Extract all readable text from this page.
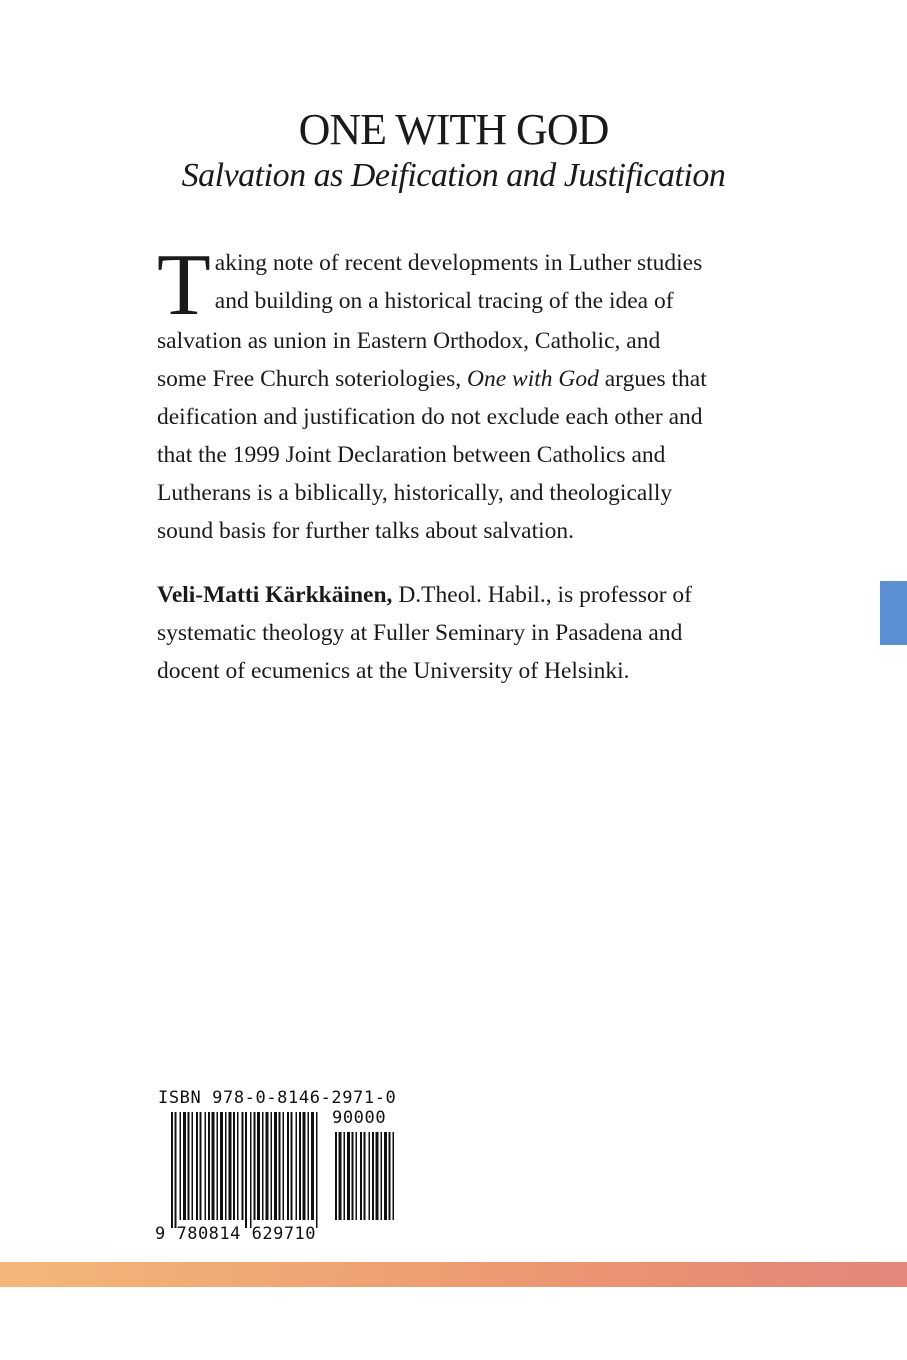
ONE WITH GOD
Salvation as Deification and Justification
T aking note of recent developments in Luther studies
and building on a historical tracing of the idea of
salvation as union in Eastern Orthodox, Catholic, and
some Free Church soteriologies, One with God argues that
deification and justification do not exclude each other and
that the 1999 Joint Declaration between Catholics and
Lutherans is a biblically, historically, and theologically
sound basis for further talks about salvation.
Veli-Matti Kärkkäinen, D.Theol. Habil., is professor of
systematic theology at Fuller Seminary in Pasadena and
docent of ecumenics at the University of Helsinki.
ISBN 978-0-8146-2971-0
90000
9 780814 629710
